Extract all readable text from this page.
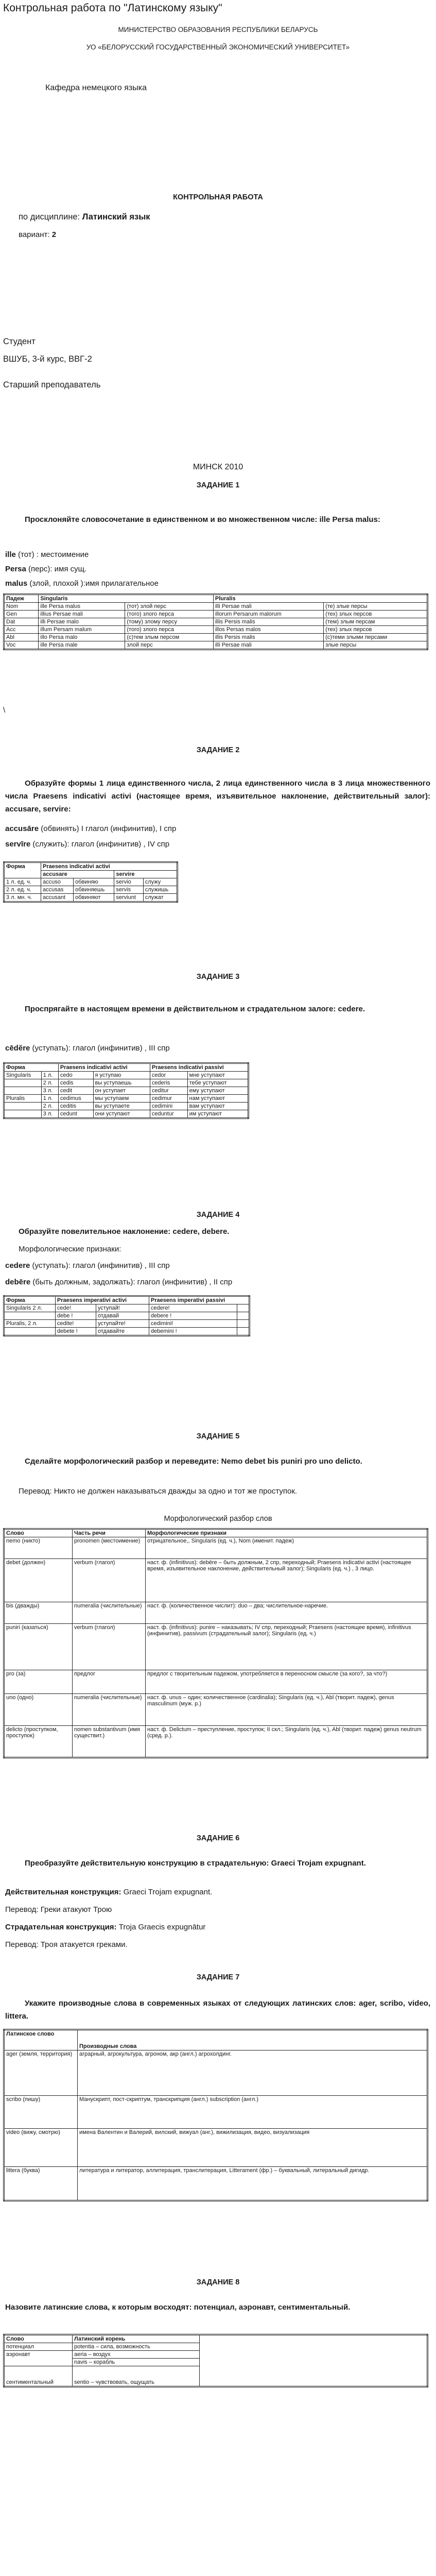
Контрольная работа по "Латинскому языку"
МИНИСТЕРСТВО ОБРАЗОВАНИЯ РЕСПУБЛИКИ БЕЛАРУСЬ
УО «БЕЛОРУССКИЙ ГОСУДАРСТВЕННЫЙ ЭКОНОМИЧЕСКИЙ УНИВЕРСИТЕТ»
Кафедра немецкого языка
КОНТРОЛЬНАЯ РАБОТА
по дисциплине: Латинский язык
вариант: 2
Студент
ВШУБ, 3-й курс, ВВГ-2
Старший преподаватель
МИНСК 2010
ЗАДАНИЕ 1
Просклоняйте словосочетание в единственном и во множественном числе: ille Persa malus:
ille (тот) : местоимение
Persa (перс): имя сущ.
malus (злой, плохой ):имя прилагательное
Падеж	Singularis		Pluralis	
Nom	ille Persa malus	(тот) злой перс	illi Persae mali	(те) злые персы
Gen	illius Persae mali	(того) злого перса	illorum Persarum malorum	(тех) злых персов
Dat	illi Persae malo	(тому) злому персу	illis Persis malis	(тем) злым персам
Acc	illum Persam malum	(того) злого перса	illos Persas malos	(тех) злых персов
Abl	illo Persa malo	(с)тем злым персом	illis Persis malis	(с)теми злыми персами
Voc	ille Persa male	злой перс	illi Persae mali	злые персы
\
ЗАДАНИЕ 2
Образуйте формы 1 лица единственного числа, 2 лица единственного числа в 3 лица множественного числа Praesens indicativi activi (настоящее время, изъявительное наклонение, действительный залог): accusare, servire:
accusāre (обвинять) I глагол (инфинитив), I спр
servīre (служить): глагол (инфинитив) , IV спр
Форма	Praesens indicativi activi			
	accusare		servire	
1 л. ед. ч.	accuso	обвиняю	servio	служу
2 л. ед. ч.	accusas	обвиняешь	servis	служишь
3 л. мн. ч.	accusant	обвиняют	serviunt	служат
ЗАДАНИЕ 3
Проспрягайте в настоящем времени в действительном и страдательном залоге: cedere.
cēdĕre (уступать): глагол (инфинитив) , III спр
Форма		Praesens indicativi activi		Praesens indicativi passivi	
Singularis	1 л.	cedo	я уступаю	cedor	мне уступают
	2 л.	cedis	вы уступаешь	cederis	тебе уступают
	3 л.	cedit	он уступает	ceditur	ему уступают
Pluralis	1 л.	cedimus	мы уступаем	cedimur	нам уступают
	2 л.	ceditis	вы уступаете	cedimini	вам уступают
	3 л.	cedunt	они уступают	ceduntur	им уступают
ЗАДАНИЕ 4
Образуйте повелительное наклонение: cedere, debere.
Морфологические признаки:
cedere (уступать): глагол (инфинитив) , III спр
debēre (быть должным, задолжать): глагол (инфинитив) , II спр
Форма	Praesens imperativi activi		Praesens imperativi passivi	
Singularis 2 л.	cede!	уступай!	cedere!	
	debe !	отдавай	debere !	
Pluralis, 2 л.	cedite!	уступайте!	cedimini!	
	debete !	отдавайте	debemini !	
ЗАДАНИЕ 5
Сделайте морфологический разбор и переведите: Nemo debet bis puniri pro uno delicto.
Перевод: Никто не должен наказываться дважды за одно и тот же проступок.
Морфологический разбор слов
Слово	Часть речи	Морфологические признаки
nemo (никто)	pronomen (местоимение)	отрицательное,, Singularis (ед. ч.), Nom (именит. падеж)
debet (должен)	verbum (глагол)	наст. ф. (infinitivus): debēre – быть должным, 2 спр, переходный; Praesens indicativi activi (настоящее время, изъявительное наклонение, действительный залог); Singularis (ед. ч.) , 3 лицо.
bis (дважды)	numeralia (числительные)	наст. ф. (количественное числит): duo – два; числительное-наречие.
puniri (казаться)	verbum (глагол)	наст. ф. (infinitivus): punire – наказывать; IV спр, переходный; Praesens (настоящее время), infinitivus (инфинитив), passivum (страдательный залог); Singularis (ед. ч.)
pro (за)	предлог	предлог с творительным падежом, употребляется в переносном смысле (за кого?, за что?)
uno (одно)	numeralia (числительные)	наст. ф. unus – один; количественное (cardinalia); Singularis (ед. ч.), Abl (творит. падеж), genus masculinum (муж. р.)
delicto (проступком, проступок)	nomen substantivum (имя существит.)	наст. ф. Delictum – преступление, проступок; II скл.; Singularis (ед. ч.), Abl (творит. падеж) genus neutrum (сред. р.).
ЗАДАНИЕ 6
Преобразуйте действительную конструкцию в страдательную: Graeci Trojam expugnant.
Действительная конструкция: Graeci Trojam expugnant.
Перевод: Греки атакуют Трою
Страдательная конструкция: Troja Graecis expugnātur
Перевод: Троя атакуется греками.
ЗАДАНИЕ 7
Укажите производные слова в современных языках от следующих латинских слов: ager, scribo, video, littera.
Латинское слово	Производные слова
ager (земля, территория)	аграрный, агрокультура, агроном, акр (англ.) агрохолдинг.
scribo (пишу)	Манускрипт, пост-скриптум, транскрипция (англ.) subscription (англ.)
video (вижу, смотрю)	имена Валентин и Валерий, вилский, вижуал (анг.), вижилизация, видео, визуализация
littera (буква)	литература и литератор, аллитерация, транслитерация, Litterament (фр.) – буквальный, литеральный дигидр.
ЗАДАНИЕ 8
Назовите латинские слова, к которым восходят: потенциал, аэронавт, сентиментальный.
Слово	Латинский корень	
потенциал	potentia – сила, возможность	
аэронавт	aeria – воздух	
	navis – корабль	
сентиментальный	sentio – чувствовать, ощущать	
